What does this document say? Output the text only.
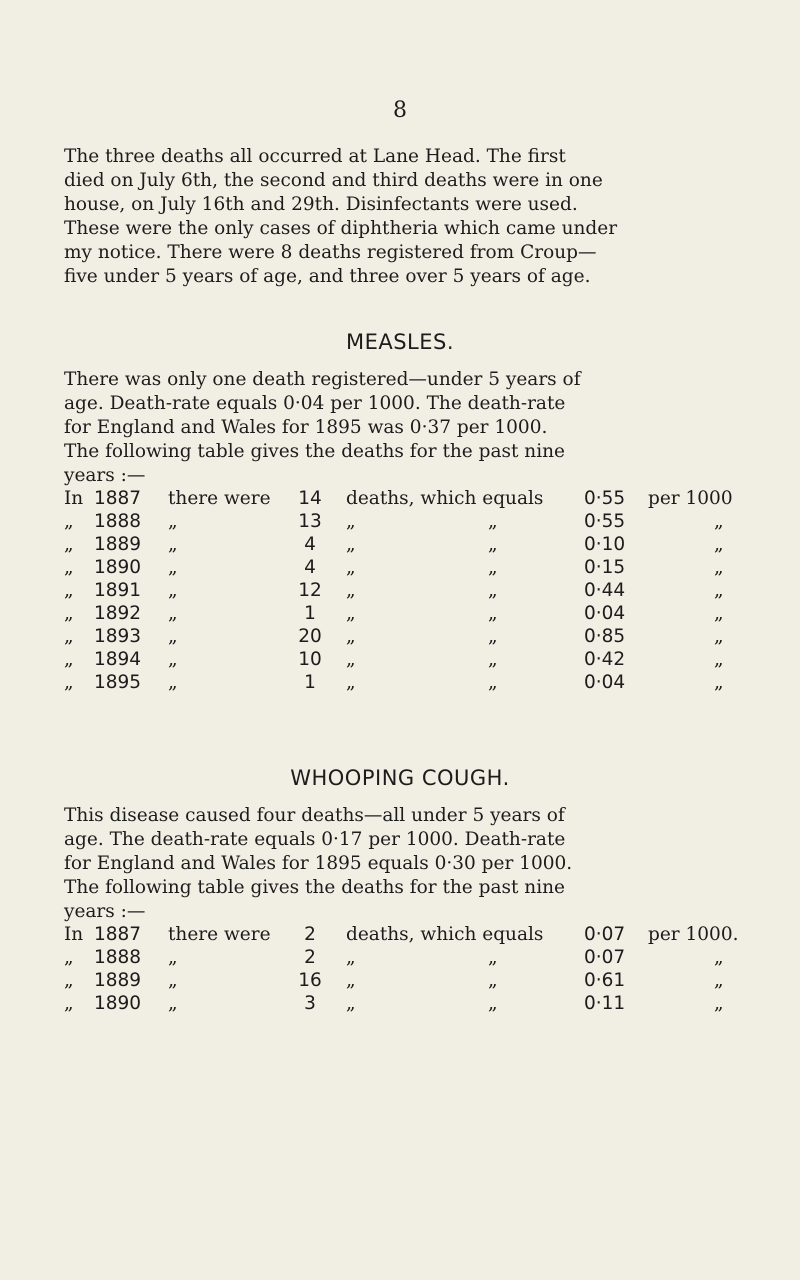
8

The three deaths all occurred at Lane Head. The first
died on July 6th, the second and third deaths were in one
house, on July 16th and 29th. Disinfectants were used.
These were the only cases of diphtheria which came under
my notice. There were 8 deaths registered from Croup—
five under 5 years of age, and three over 5 years of age.

MEASLES.

There was only one death registered—under 5 years of
age. Death-rate equals 0·04 per 1000. The death-rate
for England and Wales for 1895 was 0·37 per 1000.

The following table gives the deaths for the past nine
years :—

In 1887 there were	14	deaths, which equals 0·55 per 1000
„ 1888 „	13	„	„	0·55	„
„ 1889 „	4	„	„	0·10	„
„ 1890 „	4	„	„	0·15	„
„ 1891 „	12	„	„	0·44	„
„ 1892 „	1	„	„	0·04	„
„ 1893 „	20	„	„	0·85	„
„ 1894 „	10	„	„	0·42	„
„ 1895 „	1	„	„	0·04	„
WHOOPING COUGH.

This disease caused four deaths—all under 5 years of
age. The death-rate equals 0·17 per 1000. Death-rate
for England and Wales for 1895 equals 0·30 per 1000.

The following table gives the deaths for the past nine
years :—

In 1887 there were	2	deaths, which equals 0·07 per 1000.
„ 1888 „	2	„	„	0·07	„
„ 1889 „	16	„	„	0·61	„
„ 1890 „	3	„	„	0·11	„
